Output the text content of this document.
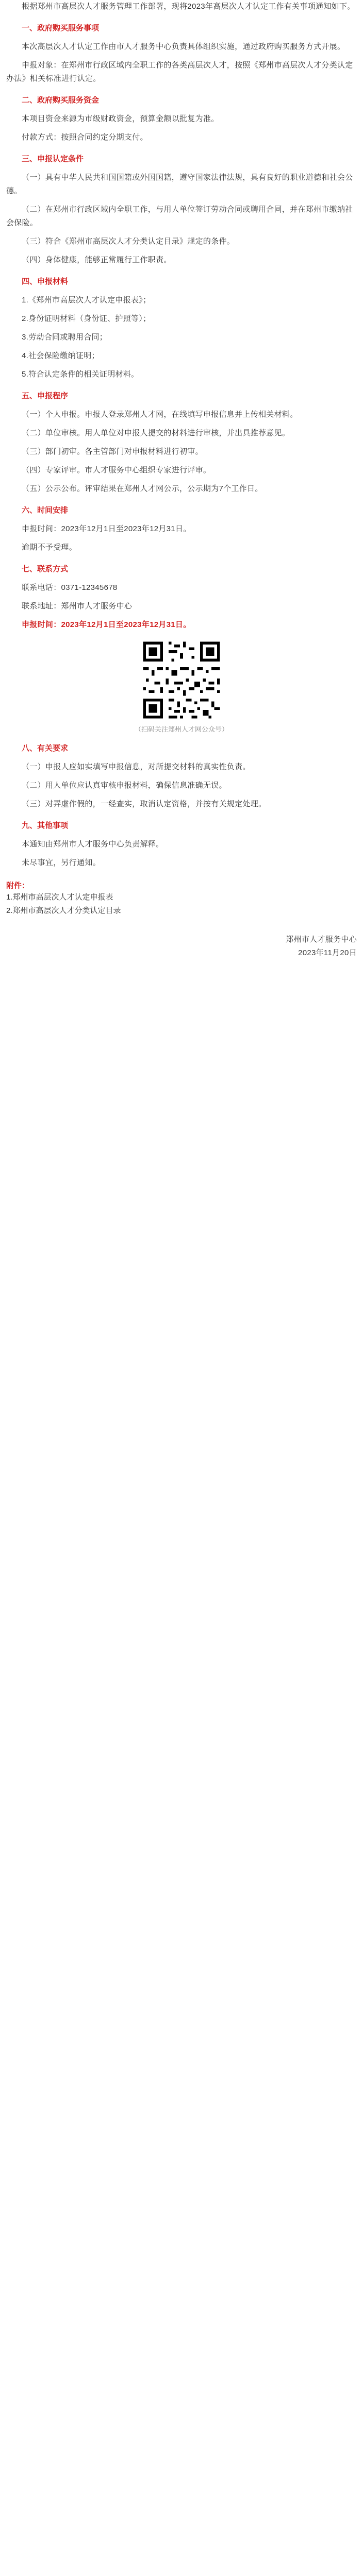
根据郑州市高层次人才服务管理工作部署，现将2023年高层次人才认定工作有关事项通知如下。

一、政府购买服务事项

本次高层次人才认定工作由市人才服务中心负责具体组织实施，通过政府购买服务方式开展。

申报对象：在郑州市行政区域内全职工作的各类高层次人才，按照《郑州市高层次人才分类认定办法》相关标准进行认定。

二、政府购买服务资金

本项目资金来源为市级财政资金，预算金额以批复为准。

付款方式：按照合同约定分期支付。

三、申报认定条件

（一）具有中华人民共和国国籍或外国国籍，遵守国家法律法规，具有良好的职业道德和社会公德。

（二）在郑州市行政区域内全职工作，与用人单位签订劳动合同或聘用合同，并在郑州市缴纳社会保险。

（三）符合《郑州市高层次人才分类认定目录》规定的条件。

（四）身体健康，能够正常履行工作职责。

四、申报材料

1.《郑州市高层次人才认定申报表》；

2.身份证明材料（身份证、护照等）；

3.劳动合同或聘用合同；

4.社会保险缴纳证明；

5.符合认定条件的相关证明材料。

五、申报程序

（一）个人申报。申报人登录郑州人才网，在线填写申报信息并上传相关材料。

（二）单位审核。用人单位对申报人提交的材料进行审核，并出具推荐意见。

（三）部门初审。各主管部门对申报材料进行初审。

（四）专家评审。市人才服务中心组织专家进行评审。

（五）公示公布。评审结果在郑州人才网公示，公示期为7个工作日。

六、时间安排

申报时间：2023年12月1日至2023年12月31日。

逾期不予受理。

七、联系方式

联系电话：0371-12345678

联系地址：郑州市人才服务中心

申报时间：2023年12月1日至2023年12月31日。

（扫码关注郑州人才网公众号）
八、有关要求

（一）申报人应如实填写申报信息，对所提交材料的真实性负责。

（二）用人单位应认真审核申报材料，确保信息准确无误。

（三）对弄虚作假的，一经查实，取消认定资格，并按有关规定处理。

九、其他事项

本通知由郑州市人才服务中心负责解释。

未尽事宜，另行通知。

附件：
1.郑州市高层次人才认定申报表
2.郑州市高层次人才分类认定目录

郑州市人才服务中心

2023年11月20日
